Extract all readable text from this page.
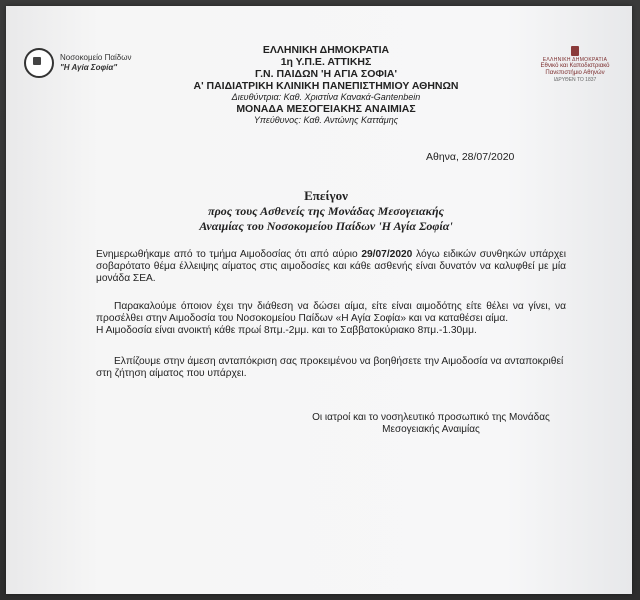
Νοσοκομείο Παίδων
"Η Αγία Σοφία"
ΕΛΛΗΝΙΚΗ ΔΗΜΟΚΡΑΤΙΑ
Εθνικό και Καποδιστριακό
Πανεπιστήμιο Αθηνών
ΙΔΡΥΘΕΝ ΤΟ 1837
ΕΛΛΗΝΙΚΗ ΔΗΜΟΚΡΑΤΙΑ
1η Υ.Π.Ε. ΑΤΤΙΚΗΣ
Γ.Ν. ΠΑΙΔΩΝ 'Η ΑΓΙΑ ΣΟΦΙΑ'
Α' ΠΑΙΔΙΑΤΡΙΚΗ ΚΛΙΝΙΚΗ ΠΑΝΕΠΙΣΤΗΜΙΟΥ ΑΘΗΝΩΝ
Διευθύντρια: Καθ. Χριστίνα Κανακά-Gantenbein
ΜΟΝΑΔΑ ΜΕΣΟΓΕΙΑΚΗΣ ΑΝΑΙΜΙΑΣ
Υπεύθυνος: Καθ. Αντώνης Καττάμης
Αθηνα, 28/07/2020
Επείγον
προς τους Ασθενείς της Μονάδας Μεσογειακής
Αναιμίας του Νοσοκομείου Παίδων 'Η Αγία Σοφία'
Ενημερωθήκαμε από το τμήμα Αιμοδοσίας ότι από αύριο 29/07/2020 λόγω ειδικών συνθηκών υπάρχει σοβαρότατο θέμα έλλειψης αίματος στις αιμοδοσίες και κάθε ασθενής είναι δυνατόν να καλυφθεί με μία μονάδα ΣΕΑ.
Παρακαλούμε όποιον έχει την διάθεση να δώσει αίμα, είτε είναι αιμοδότης είτε θέλει να γίνει, να προσέλθει στην Αιμοδοσία του Νοσοκομείου Παίδων «Η Αγία Σοφία» και να καταθέσει αίμα.
Η Αιμοδοσία είναι ανοικτή κάθε πρωί 8πμ.-2μμ. και το Σαββατοκύριακο 8πμ.-1.30μμ.
Ελπίζουμε στην άμεση ανταπόκριση σας προκειμένου να βοηθήσετε την Αιμοδοσία να ανταποκριθεί στη ζήτηση αίματος που υπάρχει.
Οι ιατροί και το νοσηλευτικό προσωπικό της Μονάδας
Μεσογειακής Αναιμίας
